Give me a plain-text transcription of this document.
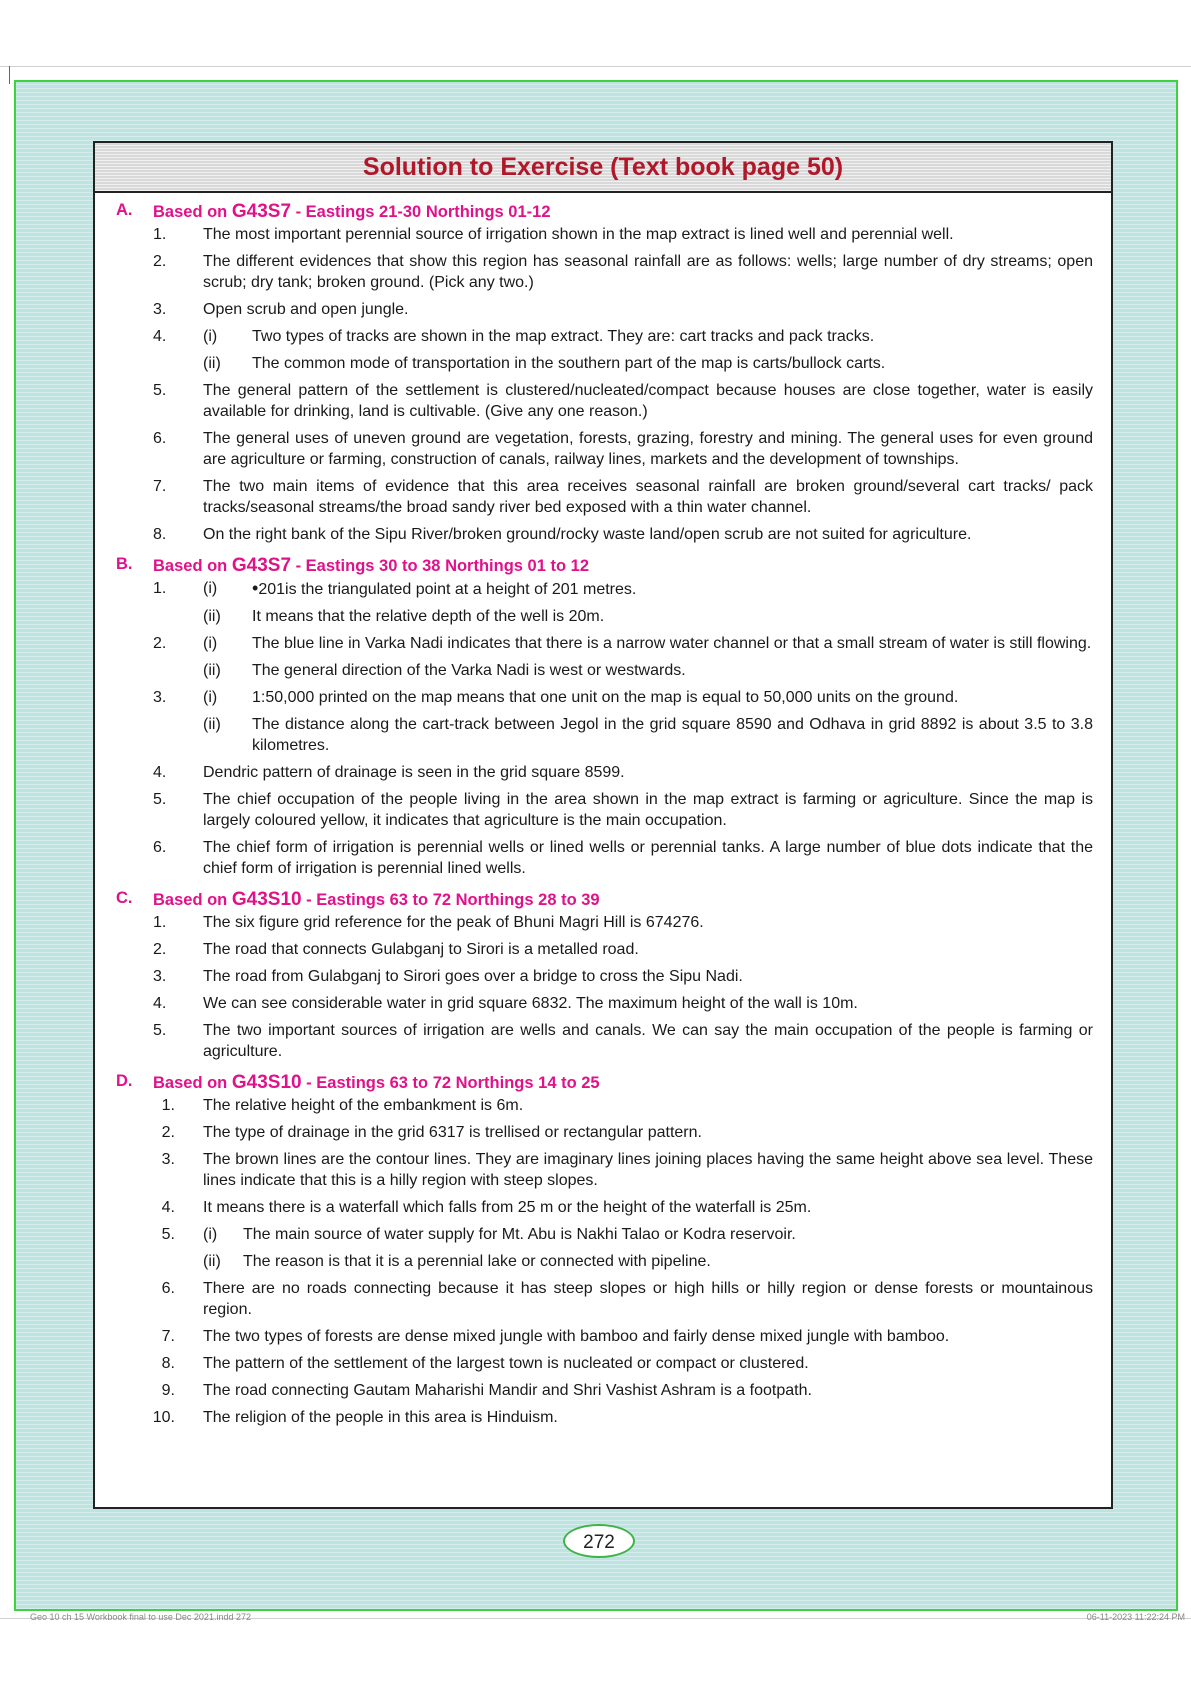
Solution to Exercise (Text book page 50)
A. Based on G43S7 - Eastings 21-30 Northings 01-12
1.	The most important perennial source of irrigation shown in the map extract is lined well and perennial well.
2.	The different evidences that show this region has seasonal rainfall are as follows: wells; large number of dry streams; open scrub; dry tank; broken ground. (Pick any two.)
3.	Open scrub and open jungle.
4.	(i) Two types of tracks are shown in the map extract. They are: cart tracks and pack tracks.
(ii) The common mode of transportation in the southern part of the map is carts/bullock carts.
5.	The general pattern of the settlement is clustered/nucleated/compact because houses are close together, water is easily available for drinking, land is cultivable. (Give any one reason.)
6.	The general uses of uneven ground are vegetation, forests, grazing, forestry and mining. The general uses for even ground are agriculture or farming, construction of canals, railway lines, markets and the development of townships.
7.	The two main items of evidence that this area receives seasonal rainfall are broken ground/several cart tracks/ pack tracks/seasonal streams/the broad sandy river bed exposed with a thin water channel.
8.	On the right bank of the Sipu River/broken ground/rocky waste land/open scrub are not suited for agriculture.
B. Based on G43S7 - Eastings 30 to 38 Northings 01 to 12
1.	(i) •201is the triangulated point at a height of 201 metres.
(ii) It means that the relative depth of the well is 20m.
2.	(i) The blue line in Varka Nadi indicates that there is a narrow water channel or that a small stream of water is still flowing.
(ii) The general direction of the Varka Nadi is west or westwards.
3.	(i) 1:50,000 printed on the map means that one unit on the map is equal to 50,000 units on the ground.
(ii) The distance along the cart-track between Jegol in the grid square 8590 and Odhava in grid 8892 is about 3.5 to 3.8 kilometres.
4.	Dendric pattern of drainage is seen in the grid square 8599.
5.	The chief occupation of the people living in the area shown in the map extract is farming or agriculture. Since the map is largely coloured yellow, it indicates that agriculture is the main occupation.
6.	The chief form of irrigation is perennial wells or lined wells or perennial tanks. A large number of blue dots indicate that the chief form of irrigation is perennial lined wells.
C. Based on G43S10 - Eastings 63 to 72 Northings 28 to 39
1.	The six figure grid reference for the peak of Bhuni Magri Hill is 674276.
2.	The road that connects Gulabganj to Sirori is a metalled road.
3.	The road from Gulabganj to Sirori goes over a bridge to cross the Sipu Nadi.
4.	We can see considerable water in grid square 6832. The maximum height of the wall is 10m.
5.	The two important sources of irrigation are wells and canals. We can say the main occupation of the people is farming or agriculture.
D. Based on G43S10 - Eastings 63 to 72 Northings 14 to 25
1. The relative height of the embankment is 6m.
2. The type of drainage in the grid 6317 is trellised or rectangular pattern.
3. The brown lines are the contour lines. They are imaginary lines joining places having the same height above sea level. These lines indicate that this is a hilly region with steep slopes.
4. It means there is a waterfall which falls from 25 m or the height of the waterfall is 25m.
5. (i) The main source of water supply for Mt. Abu is Nakhi Talao or Kodra reservoir.
(ii) The reason is that it is a perennial lake or connected with pipeline.
6. There are no roads connecting because it has steep slopes or high hills or hilly region or dense forests or mountainous region.
7. The two types of forests are dense mixed jungle with bamboo and fairly dense mixed jungle with bamboo.
8. The pattern of the settlement of the largest town is nucleated or compact or clustered.
9. The road connecting Gautam Maharishi Mandir and Shri Vashist Ashram is a footpath.
10. The religion of the people in this area is Hinduism.
272
Geo 10 ch 15 Workbook final to use Dec 2021.indd 272	06-11-2023 11:22:24 PM
